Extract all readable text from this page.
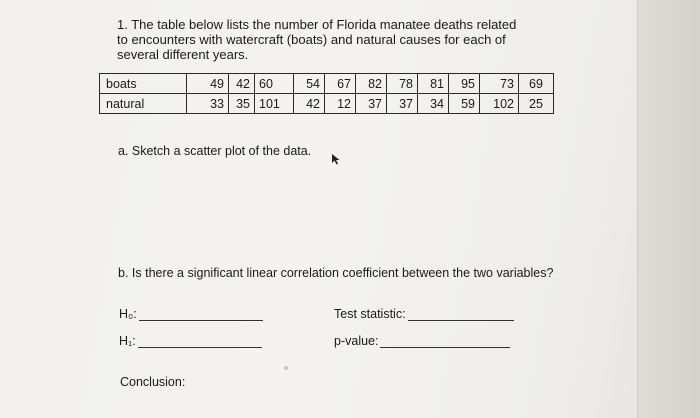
1. The table below lists the number of Florida manatee deaths related to encounters with watercraft (boats) and natural causes for each of several different years.
boats	49	42	60	54	67	82	78	81	95	73	69
natural	33	35	101	42	12	37	37	34	59	102	25
a. Sketch a scatter plot of the data.
b. Is there a significant linear correlation coefficient between the two variables?
H₀:
H₁:
Test statistic:
p-value:
Conclusion:
